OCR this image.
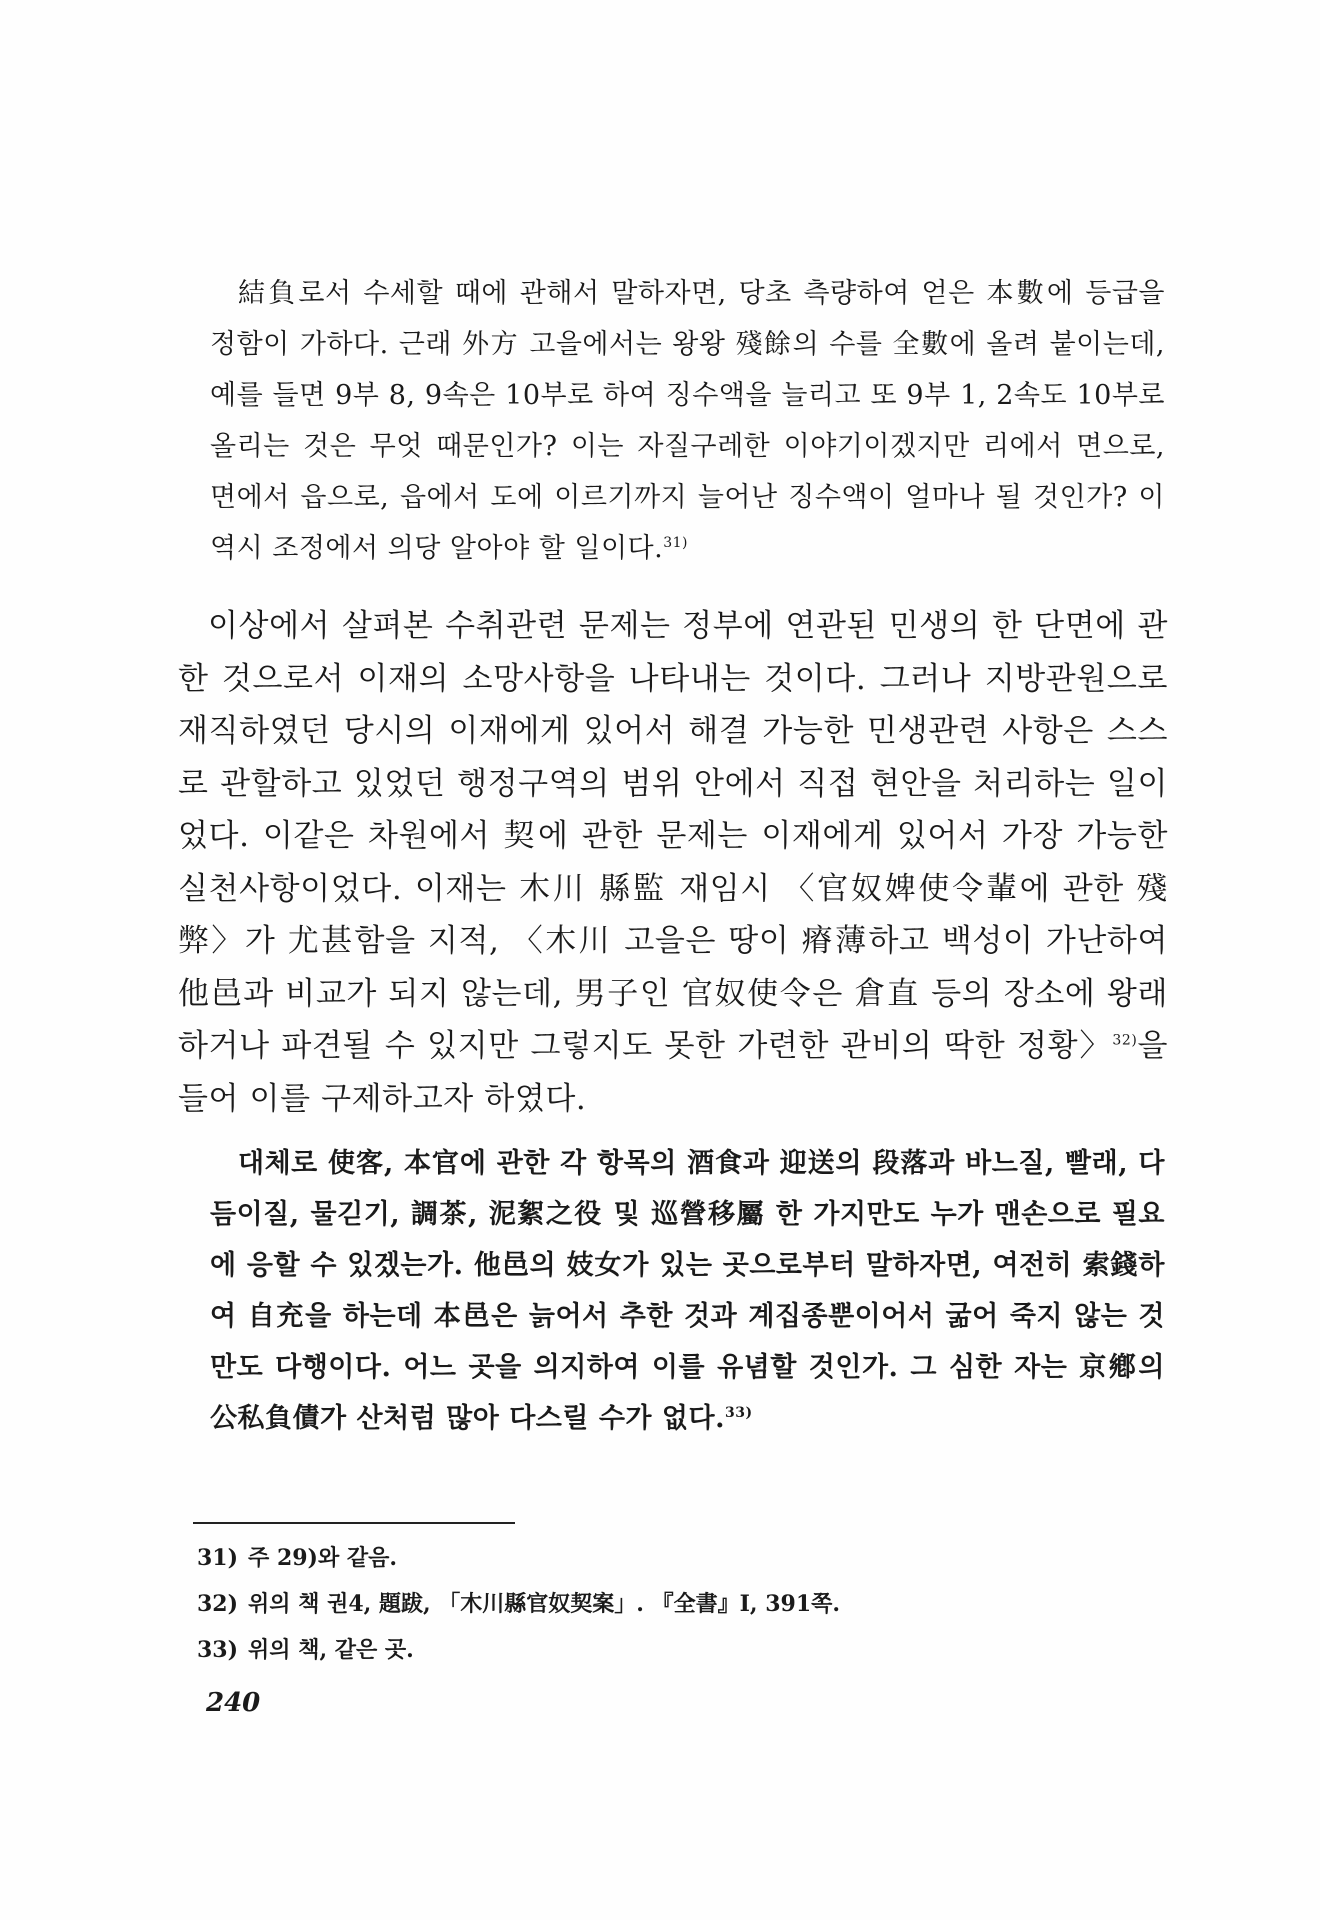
結負로서 수세할 때에 관해서 말하자면, 당초 측량하여 얻은 本數에 등급을 정함이 가하다. 근래 外方 고을에서는 왕왕 殘餘의 수를 全數에 올려 붙이는데, 예를 들면 9부 8, 9속은 10부로 하여 징수액을 늘리고 또 9부 1, 2속도 10부로 올리는 것은 무엇 때문인가? 이는 자질구레한 이야기이겠지만 리에서 면으로, 면에서 읍으로, 읍에서 도에 이르기까지 늘어난 징수액이 얼마나 될 것인가? 이 역시 조정에서 의당 알아야 할 일이다.$^{31)}$

이상에서 살펴본 수취관련 문제는 정부에 연관된 민생의 한 단면에 관한 것으로서 이재의 소망사항을 나타내는 것이다. 그러나 지방관원으로 재직하였던 당시의 이재에게 있어서 해결 가능한 민생관련 사항은 스스로 관할하고 있었던 행정구역의 범위 안에서 직접 현안을 처리하는 일이었다. 이같은 차원에서 契에 관한 문제는 이재에게 있어서 가장 가능한 실천사항이었다. 이재는 木川 縣監 재임시 〈官奴婢使令輩에 관한 殘弊〉가 尤甚함을 지적, 〈木川 고을은 땅이 瘠薄하고 백성이 가난하여 他邑과 비교가 되지 않는데, 男子인 官奴使令은 倉直 등의 장소에 왕래하거나 파견될 수 있지만 그렇지도 못한 가련한 관비의 딱한 정황〉$^{32)}$을 들어 이를 구제하고자 하였다.

대체로 使客, 本官에 관한 각 항목의 酒食과 迎送의 段落과 바느질, 빨래, 다듬이질, 물긷기, 調茶, 泥絮之役 및 巡營移屬 한 가지만도 누가 맨손으로 필요에 응할 수 있겠는가. 他邑의 妓女가 있는 곳으로부터 말하자면, 여전히 索錢하여 自充을 하는데 本邑은 늙어서 추한 것과 계집종뿐이어서 굶어 죽지 않는 것만도 다행이다. 어느 곳을 의지하여 이를 유념할 것인가. 그 심한 자는 京鄕의 公私負債가 산처럼 많아 다스릴 수가 없다.$^{33)}$

31) 주 29)와 같음.
32) 위의 책 권4, 題跋, 「木川縣官奴契案」. 『全書』Ⅰ, 391쪽.
33) 위의 책, 같은 곳.
240
